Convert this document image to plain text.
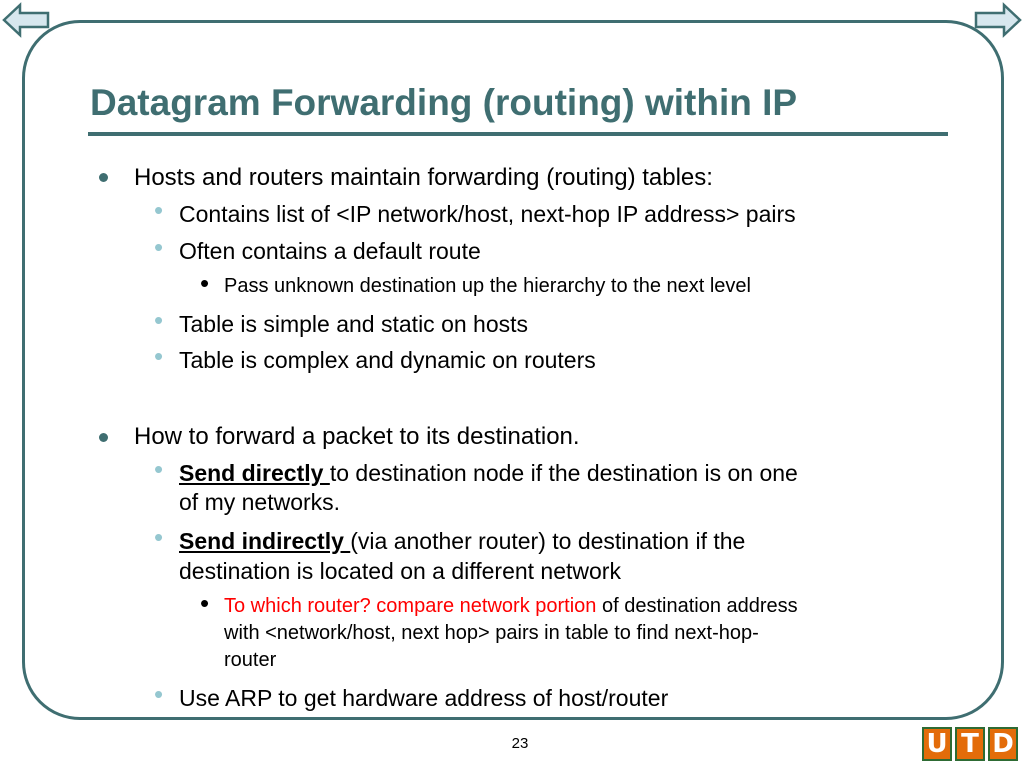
Datagram Forwarding (routing) within IP
Hosts and routers maintain forwarding (routing) tables:
• Contains list of <IP network/host, next-hop IP address> pairs
• Often contains a default route
• Pass unknown destination up the hierarchy to the next level
• Table is simple and static on hosts
• Table is complex and dynamic on routers
How to forward a packet to its destination.
• Send directly to destination node if the destination is on one
of my networks.
• Send indirectly (via another router) to destination if the
destination is located on a different network
• To which router? compare network portion of destination address
with <network/host, next hop> pairs in table to find next-hop-
router
• Use ARP to get hardware address of host/router
23	U T D
